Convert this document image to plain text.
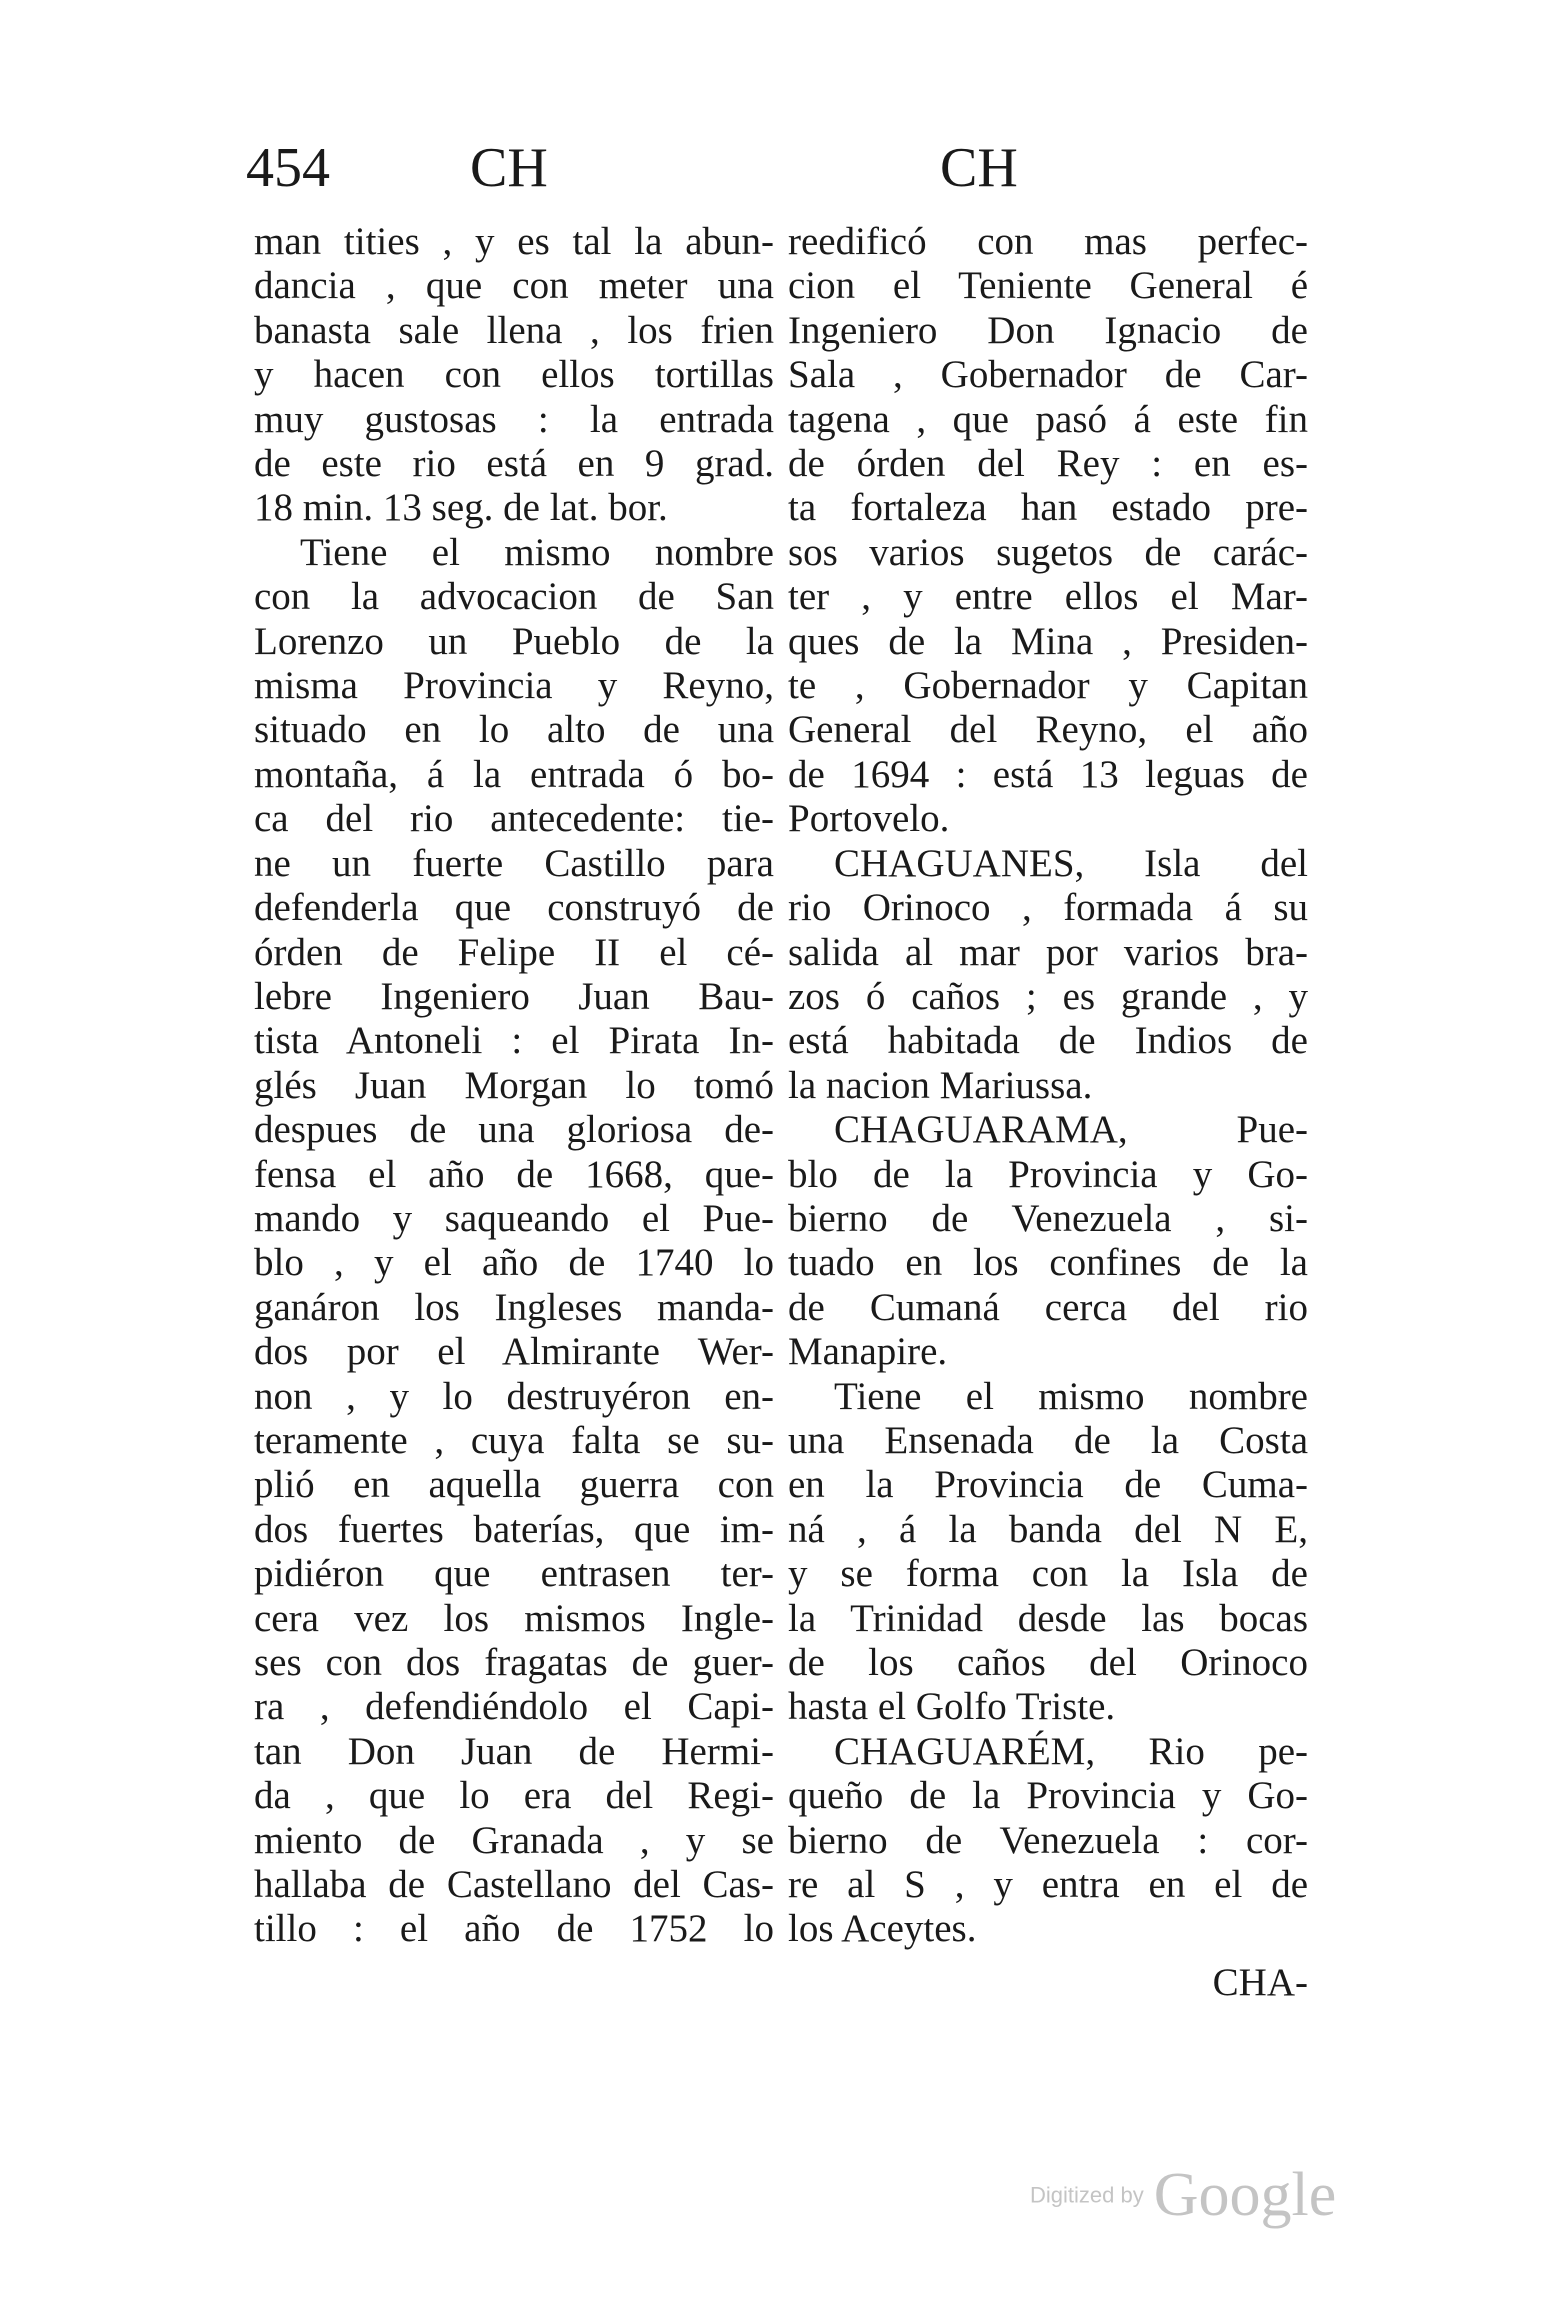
454	CH	CH
man tities , y es tal la abun-
dancia , que con meter una
banasta sale llena , los frien
y hacen con ellos tortillas
muy gustosas : la entrada
de este rio está en 9 grad.
18 min. 13 seg. de lat. bor.
Tiene el mismo nombre
con la advocacion de San
Lorenzo un Pueblo de la
misma Provincia y Reyno,
situado en lo alto de una
montaña, á la entrada ó bo-
ca del rio antecedente: tie-
ne un fuerte Castillo para
defenderla que construyó de
órden de Felipe II el cé-
lebre Ingeniero Juan Bau-
tista Antoneli : el Pirata In-
glés Juan Morgan lo tomó
despues de una gloriosa de-
fensa el año de 1668, que-
mando y saqueando el Pue-
blo , y el año de 1740 lo
ganáron los Ingleses manda-
dos por el Almirante Wer-
non , y lo destruyéron en-
teramente , cuya falta se su-
plió en aquella guerra con
dos fuertes baterías, que im-
pidiéron que entrasen ter-
cera vez los mismos Ingle-
ses con dos fragatas de guer-
ra , defendiéndolo el Capi-
tan Don Juan de Hermi-
da , que lo era del Regi-
miento de Granada , y se
hallaba de Castellano del Cas-
tillo : el año de 1752 lo
reedificó con mas perfec-
cion el Teniente General é
Ingeniero Don Ignacio de
Sala , Gobernador de Car-
tagena , que pasó á este fin
de órden del Rey : en es-
ta fortaleza han estado pre-
sos varios sugetos de carác-
ter , y entre ellos el Mar-
ques de la Mina , Presiden-
te , Gobernador y Capitan
General del Reyno, el año
de 1694 : está 13 leguas de
Portovelo.
CHAGUANES, Isla del
rio Orinoco , formada á su
salida al mar por varios bra-
zos ó caños ; es grande , y
está habitada de Indios de
la nacion Mariussa.
CHAGUARAMA, Pue-
blo de la Provincia y Go-
bierno de Venezuela , si-
tuado en los confines de la
de Cumaná cerca del rio
Manapire.
Tiene el mismo nombre
una Ensenada de la Costa
en la Provincia de Cuma-
ná , á la banda del N E,
y se forma con la Isla de
la Trinidad desde las bocas
de los caños del Orinoco
hasta el Golfo Triste.
CHAGUARÉM, Rio pe-
queño de la Provincia y Go-
bierno de Venezuela : cor-
re al S , y entra en el de
los Aceytes.
CHA-
Digitized by Google
